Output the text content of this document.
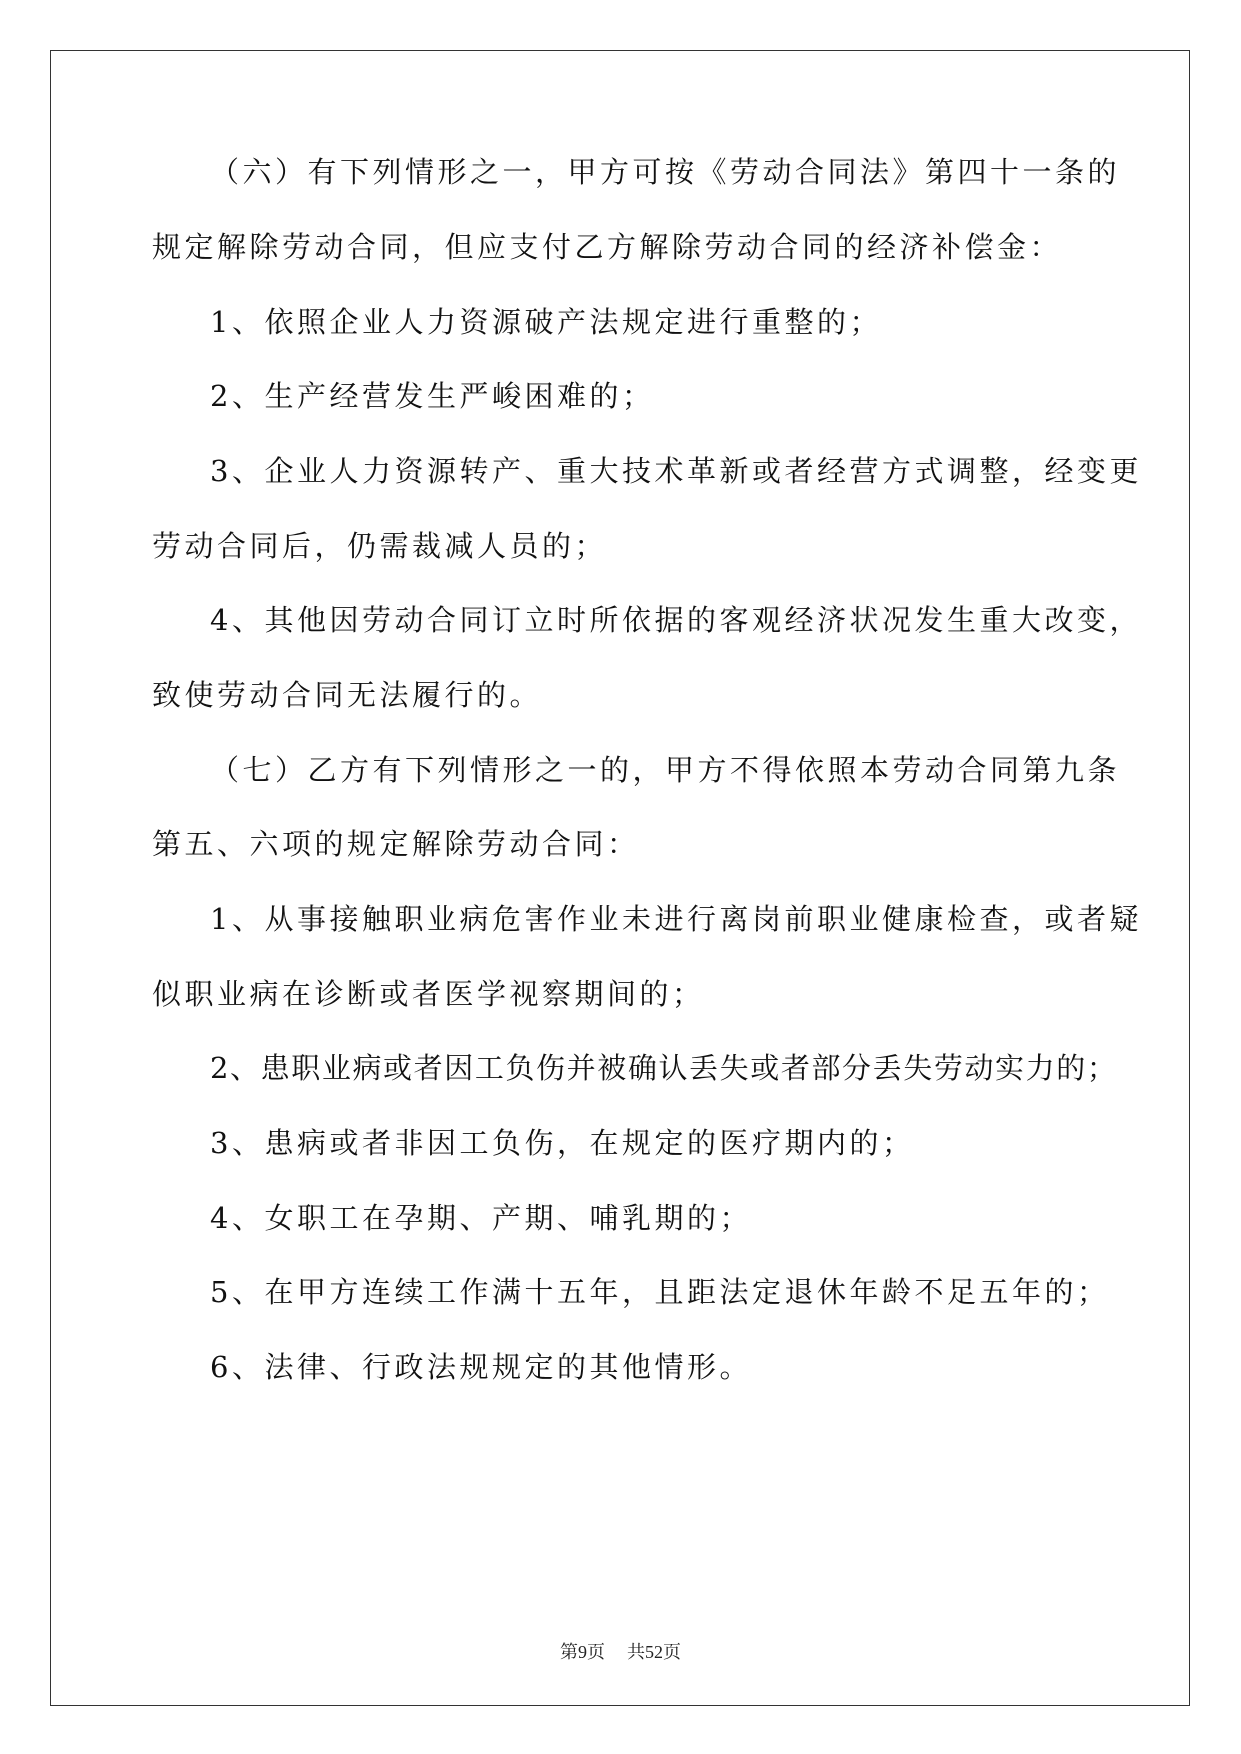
（六）有下列情形之一，甲方可按《劳动合同法》第四十一条的
规定解除劳动合同，但应支付乙方解除劳动合同的经济补偿金：
1、依照企业人力资源破产法规定进行重整的；
2、生产经营发生严峻困难的；
3、企业人力资源转产、重大技术革新或者经营方式调整，经变更
劳动合同后，仍需裁减人员的；
4、其他因劳动合同订立时所依据的客观经济状况发生重大改变，
致使劳动合同无法履行的。
（七）乙方有下列情形之一的，甲方不得依照本劳动合同第九条
第五、六项的规定解除劳动合同：
1、从事接触职业病危害作业未进行离岗前职业健康检查，或者疑
似职业病在诊断或者医学视察期间的；
2、患职业病或者因工负伤并被确认丢失或者部分丢失劳动实力的；
3、患病或者非因工负伤，在规定的医疗期内的；
4、女职工在孕期、产期、哺乳期的；
5、在甲方连续工作满十五年，且距法定退休年龄不足五年的；
6、法律、行政法规规定的其他情形。
第9页 共52页
